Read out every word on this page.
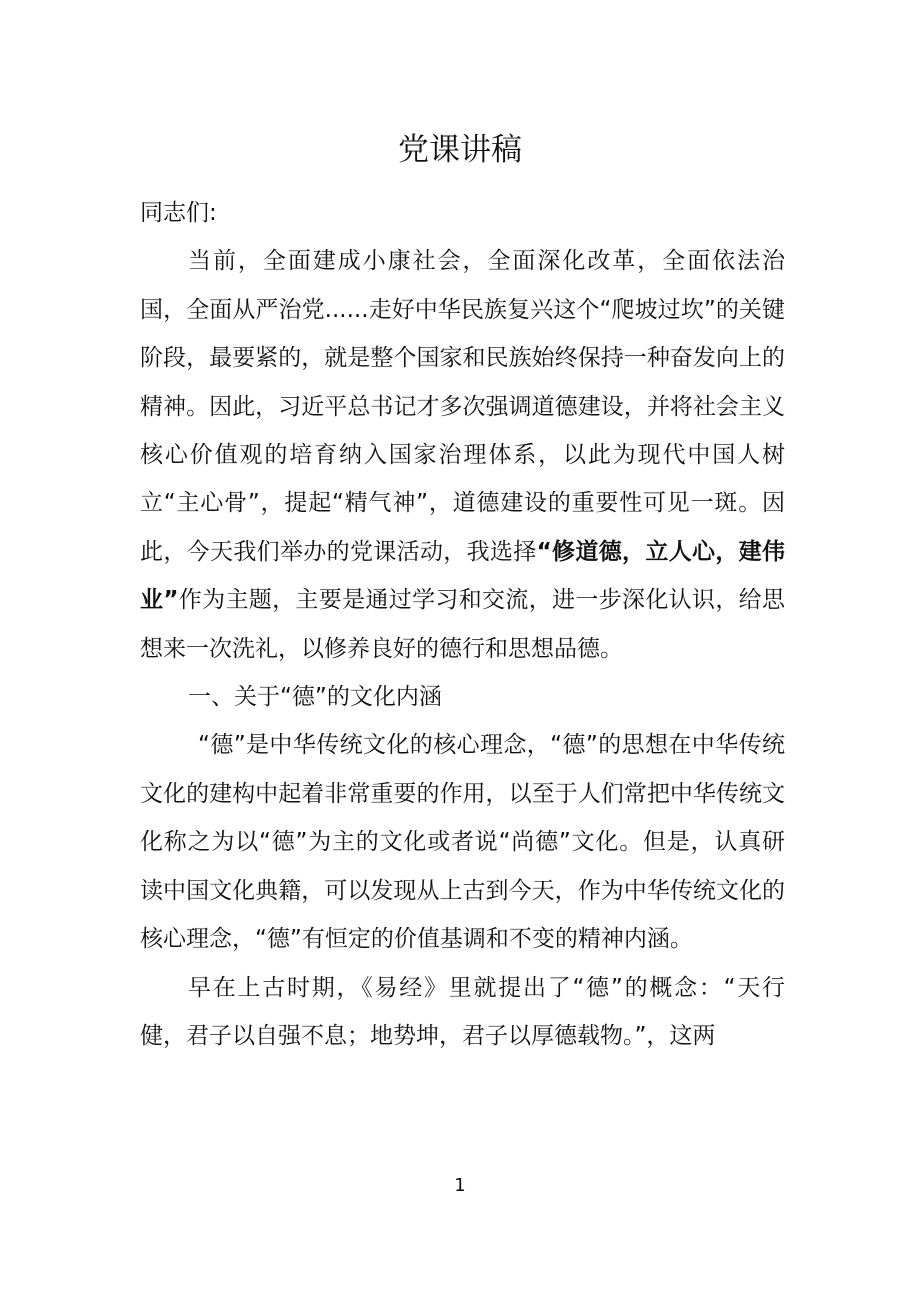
党课讲稿

同志们:

当前，全面建成小康社会，全面深化改革，全面依法治国，全面从严治党......走好中华民族复兴这个“爬坡过坎”的关键阶段，最要紧的，就是整个国家和民族始终保持一种奋发向上的精神。因此，习近平总书记才多次强调道德建设，并将社会主义核心价值观的培育纳入国家治理体系，以此为现代中国人树立“主心骨”，提起“精气神”，道德建设的重要性可见一斑。因此，今天我们举办的党课活动，我选择“修道德，立人心，建伟业”作为主题，主要是通过学习和交流，进一步深化认识，给思想来一次洗礼，以修养良好的德行和思想品德。

一、关于“德”的文化内涵

“德”是中华传统文化的核心理念，“德”的思想在中华传统文化的建构中起着非常重要的作用，以至于人们常把中华传统文化称之为以“德”为主的文化或者说“尚德”文化。但是，认真研读中国文化典籍，可以发现从上古到今天，作为中华传统文化的核心理念，“德”有恒定的价值基调和不变的精神内涵。

早在上古时期，《易经》里就提出了“德”的概念：“天行健，君子以自强不息；地势坤，君子以厚德载物。”，这两

1
